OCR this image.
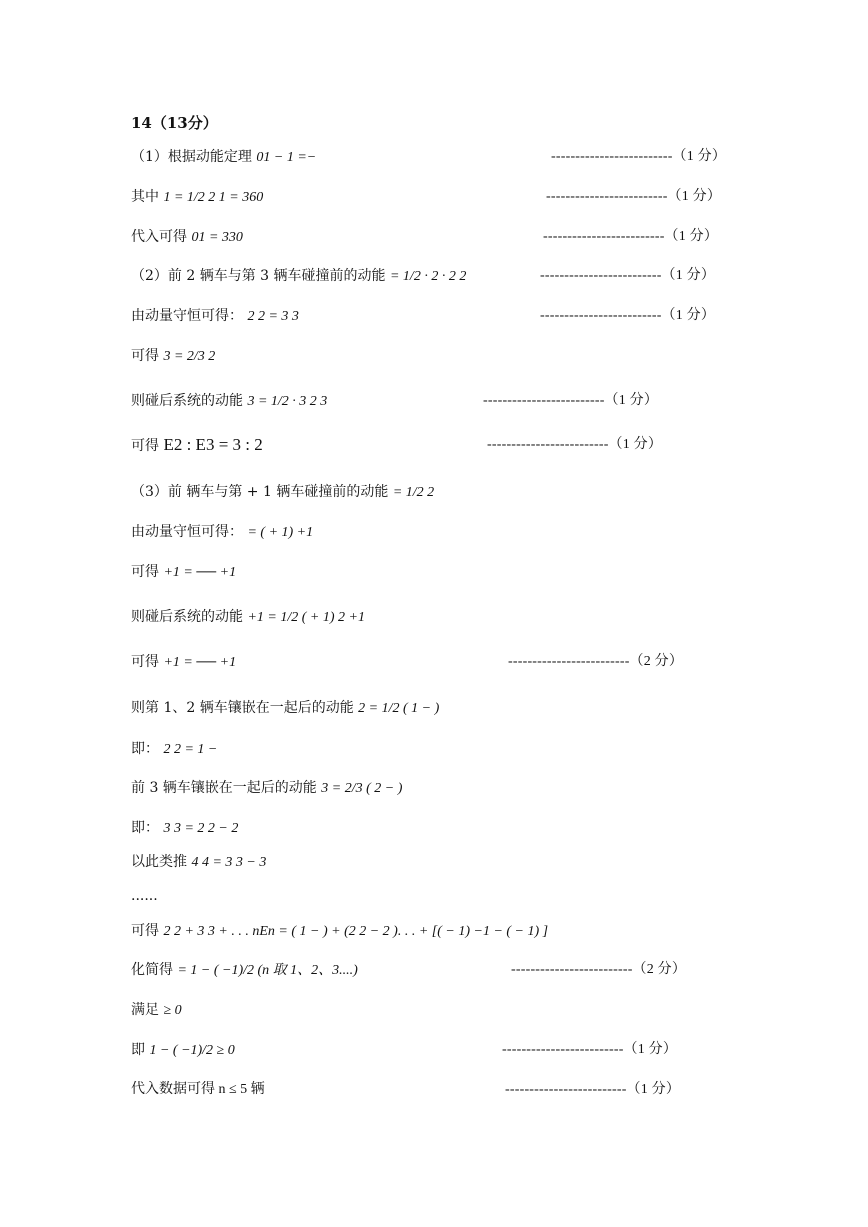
14（13分）
（1）根据动能定理 01 − 1 =−	-------------------------（1 分）
其中 1 = 1/2 2 1 = 360	-------------------------（1 分）
代入可得 01 = 330	-------------------------（1 分）
（2）前 2 辆车与第 3 辆车碰撞前的动能 = 1/2 · 2 · 2 2	-------------------------（1 分）
由动量守恒可得： 2 2 = 3 3	-------------------------（1 分）
可得 3 = 2/3 2
则碰后系统的动能 3 = 1/2 · 3 2 3	-------------------------（1 分）
可得 E2 : E3 = 3 : 2	-------------------------（1 分）
（3）前 辆车与第 + 1 辆车碰撞前的动能 = 1/2 2
由动量守恒可得： = ( + 1) +1
可得 +1 = ── +1
则碰后系统的动能 +1 = 1/2 ( + 1) 2 +1
可得 +1 = ── +1	-------------------------（2 分）
则第 1、2 辆车镶嵌在一起后的动能 2 = 1/2 ( 1 − )
即： 2 2 = 1 −
前 3 辆车镶嵌在一起后的动能 3 = 2/3 ( 2 − )
即： 3 3 = 2 2 − 2
以此类推 4 4 = 3 3 − 3
......
可得 2 2 + 3 3 + . . . nEn = ( 1 − ) + (2 2 − 2 ). . . + [( − 1) −1 − ( − 1) ]
化简得 = 1 − ( −1)/2 (n 取 1、2、3....)	-------------------------（2 分）
满足 ≥ 0
即 1 − ( −1)/2 ≥ 0	-------------------------（1 分）
代入数据可得 n ≤ 5 辆	-------------------------（1 分）
